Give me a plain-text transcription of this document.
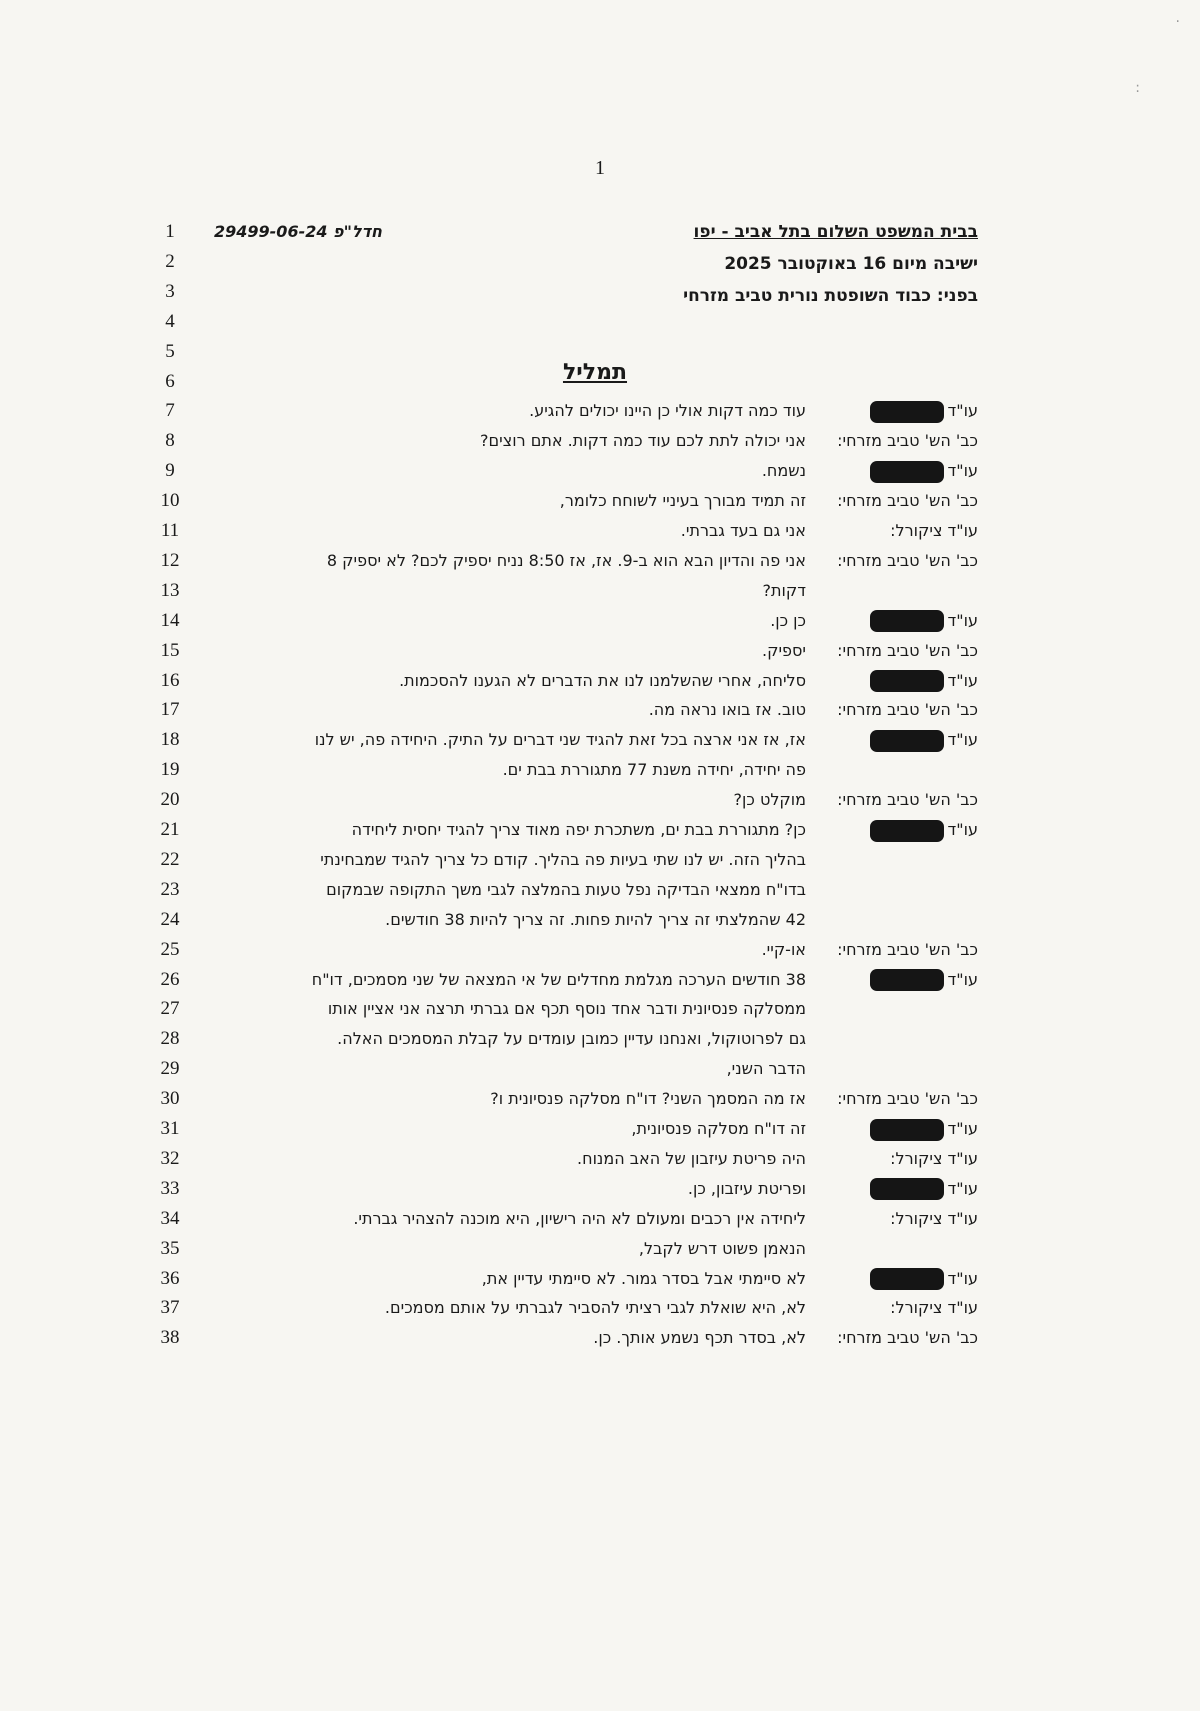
·
:
1
חדל"פ 29499-06-24	בבית המשפט השלום בתל אביב - יפו
ישיבה מיום 16 באוקטובר 2025
בפני: כבוד השופטת נורית טביב מזרחי
תמליל
1
2
3
4
5
6
7
8
9
10
11
12
13
14
15
16
17
18
19
20
21
22
23
24
25
26
27
28
29
30
31
32
33
34
35
36
37
38
עו"ד
עוד כמה דקות אולי כן היינו יכולים להגיע.
כב' הש' טביב מזרחי:
אני יכולה לתת לכם עוד כמה דקות. אתם רוצים?
עו"ד
נשמח.
כב' הש' טביב מזרחי:
זה תמיד מבורך בעיניי לשוחח כלומר,
עו"ד ציקורל:
אני גם בעד גברתי.
כב' הש' טביב מזרחי:
אני פה והדיון הבא הוא ב-9. אז, אז 8:50 נניח יספיק לכם? לא יספיק 8
דקות?
עו"ד
כן כן.
כב' הש' טביב מזרחי:
יספיק.
עו"ד
סליחה, אחרי שהשלמנו לנו את הדברים לא הגענו להסכמות.
כב' הש' טביב מזרחי:
טוב. אז בואו נראה מה.
עו"ד
אז, אז אני ארצה בכל זאת להגיד שני דברים על התיק. היחידה פה, יש לנו
פה יחידה, יחידה משנת 77 מתגוררת בבת ים.
כב' הש' טביב מזרחי:
מוקלט כן?
עו"ד
כן? מתגוררת בבת ים, משתכרת יפה מאוד צריך להגיד יחסית ליחידה
בהליך הזה. יש לנו שתי בעיות פה בהליך. קודם כל צריך להגיד שמבחינתי
בדו"ח ממצאי הבדיקה נפל טעות בהמלצה לגבי משך התקופה שבמקום
42 שהמלצתי זה צריך להיות פחות. זה צריך להיות 38 חודשים.
כב' הש' טביב מזרחי:
או-קיי.
עו"ד
38 חודשים הערכה מגלמת מחדלים של אי המצאה של שני מסמכים, דו"ח
ממסלקה פנסיונית ודבר אחד נוסף תכף אם גברתי תרצה אני אציין אותו
גם לפרוטוקול, ואנחנו עדיין כמובן עומדים על קבלת המסמכים האלה.
הדבר השני,
כב' הש' טביב מזרחי:
אז מה המסמך השני? דו"ח מסלקה פנסיונית ו?
עו"ד
זה דו"ח מסלקה פנסיונית,
עו"ד ציקורל:
היה פריטת עיזבון של האב המנוח.
עו"ד
ופריטת עיזבון, כן.
עו"ד ציקורל:
ליחידה אין רכבים ומעולם לא היה רישיון, היא מוכנה להצהיר גברתי.
הנאמן פשוט דרש לקבל,
עו"ד
לא סיימתי אבל בסדר גמור. לא סיימתי עדיין את,
עו"ד ציקורל:
לא, היא שואלת לגבי רציתי להסביר לגברתי על אותם מסמכים.
כב' הש' טביב מזרחי:
לא, בסדר תכף נשמע אותך. כן.
